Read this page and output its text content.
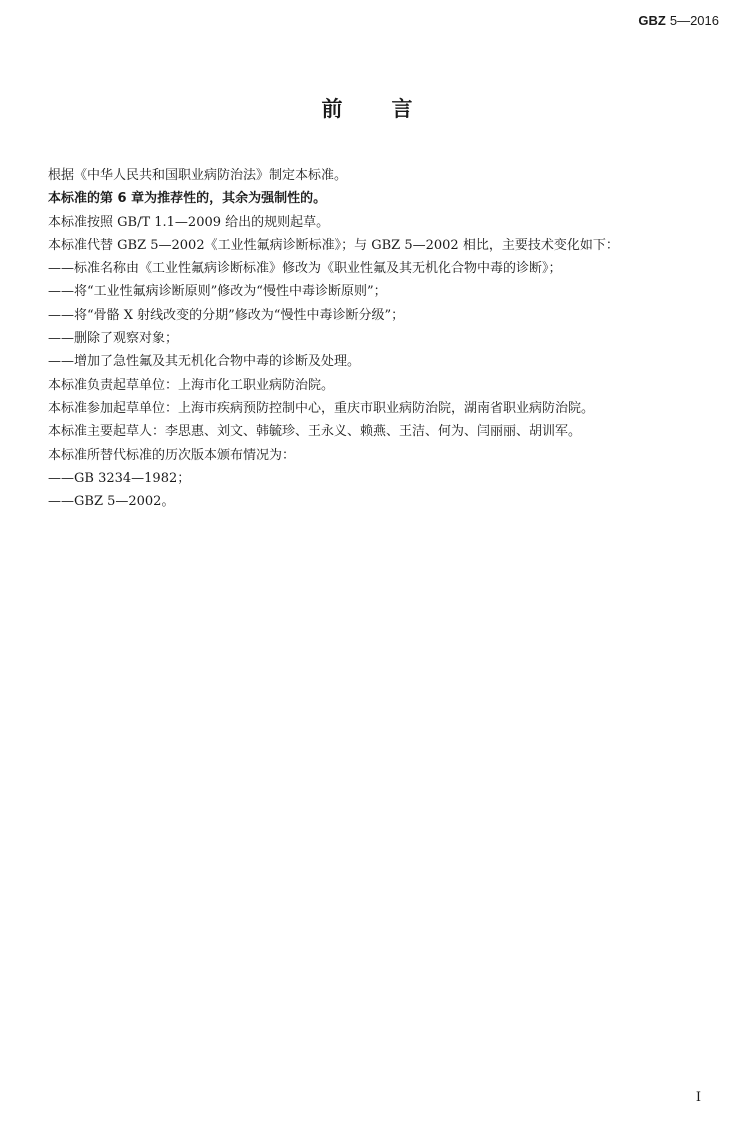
GBZ 5—2016
前 言

根据《中华人民共和国职业病防治法》制定本标准。

本标准的第 6 章为推荐性的，其余为强制性的。

本标准按照 GB/T 1.1—2009 给出的规则起草。

本标准代替 GBZ 5—2002《工业性氟病诊断标准》；与 GBZ 5—2002 相比，主要技术变化如下：

——标准名称由《工业性氟病诊断标准》修改为《职业性氟及其无机化合物中毒的诊断》；

——将“工业性氟病诊断原则”修改为“慢性中毒诊断原则”；

——将“骨骼 X 射线改变的分期”修改为“慢性中毒诊断分级”；

——删除了观察对象；

——增加了急性氟及其无机化合物中毒的诊断及处理。

本标准负责起草单位：上海市化工职业病防治院。

本标准参加起草单位：上海市疾病预防控制中心，重庆市职业病防治院，湖南省职业病防治院。

本标准主要起草人：李思惠、刘文、韩毓珍、王永义、赖燕、王洁、何为、闫丽丽、胡训军。

本标准所替代标准的历次版本颁布情况为：

——GB 3234—1982；

——GBZ 5—2002。

I
